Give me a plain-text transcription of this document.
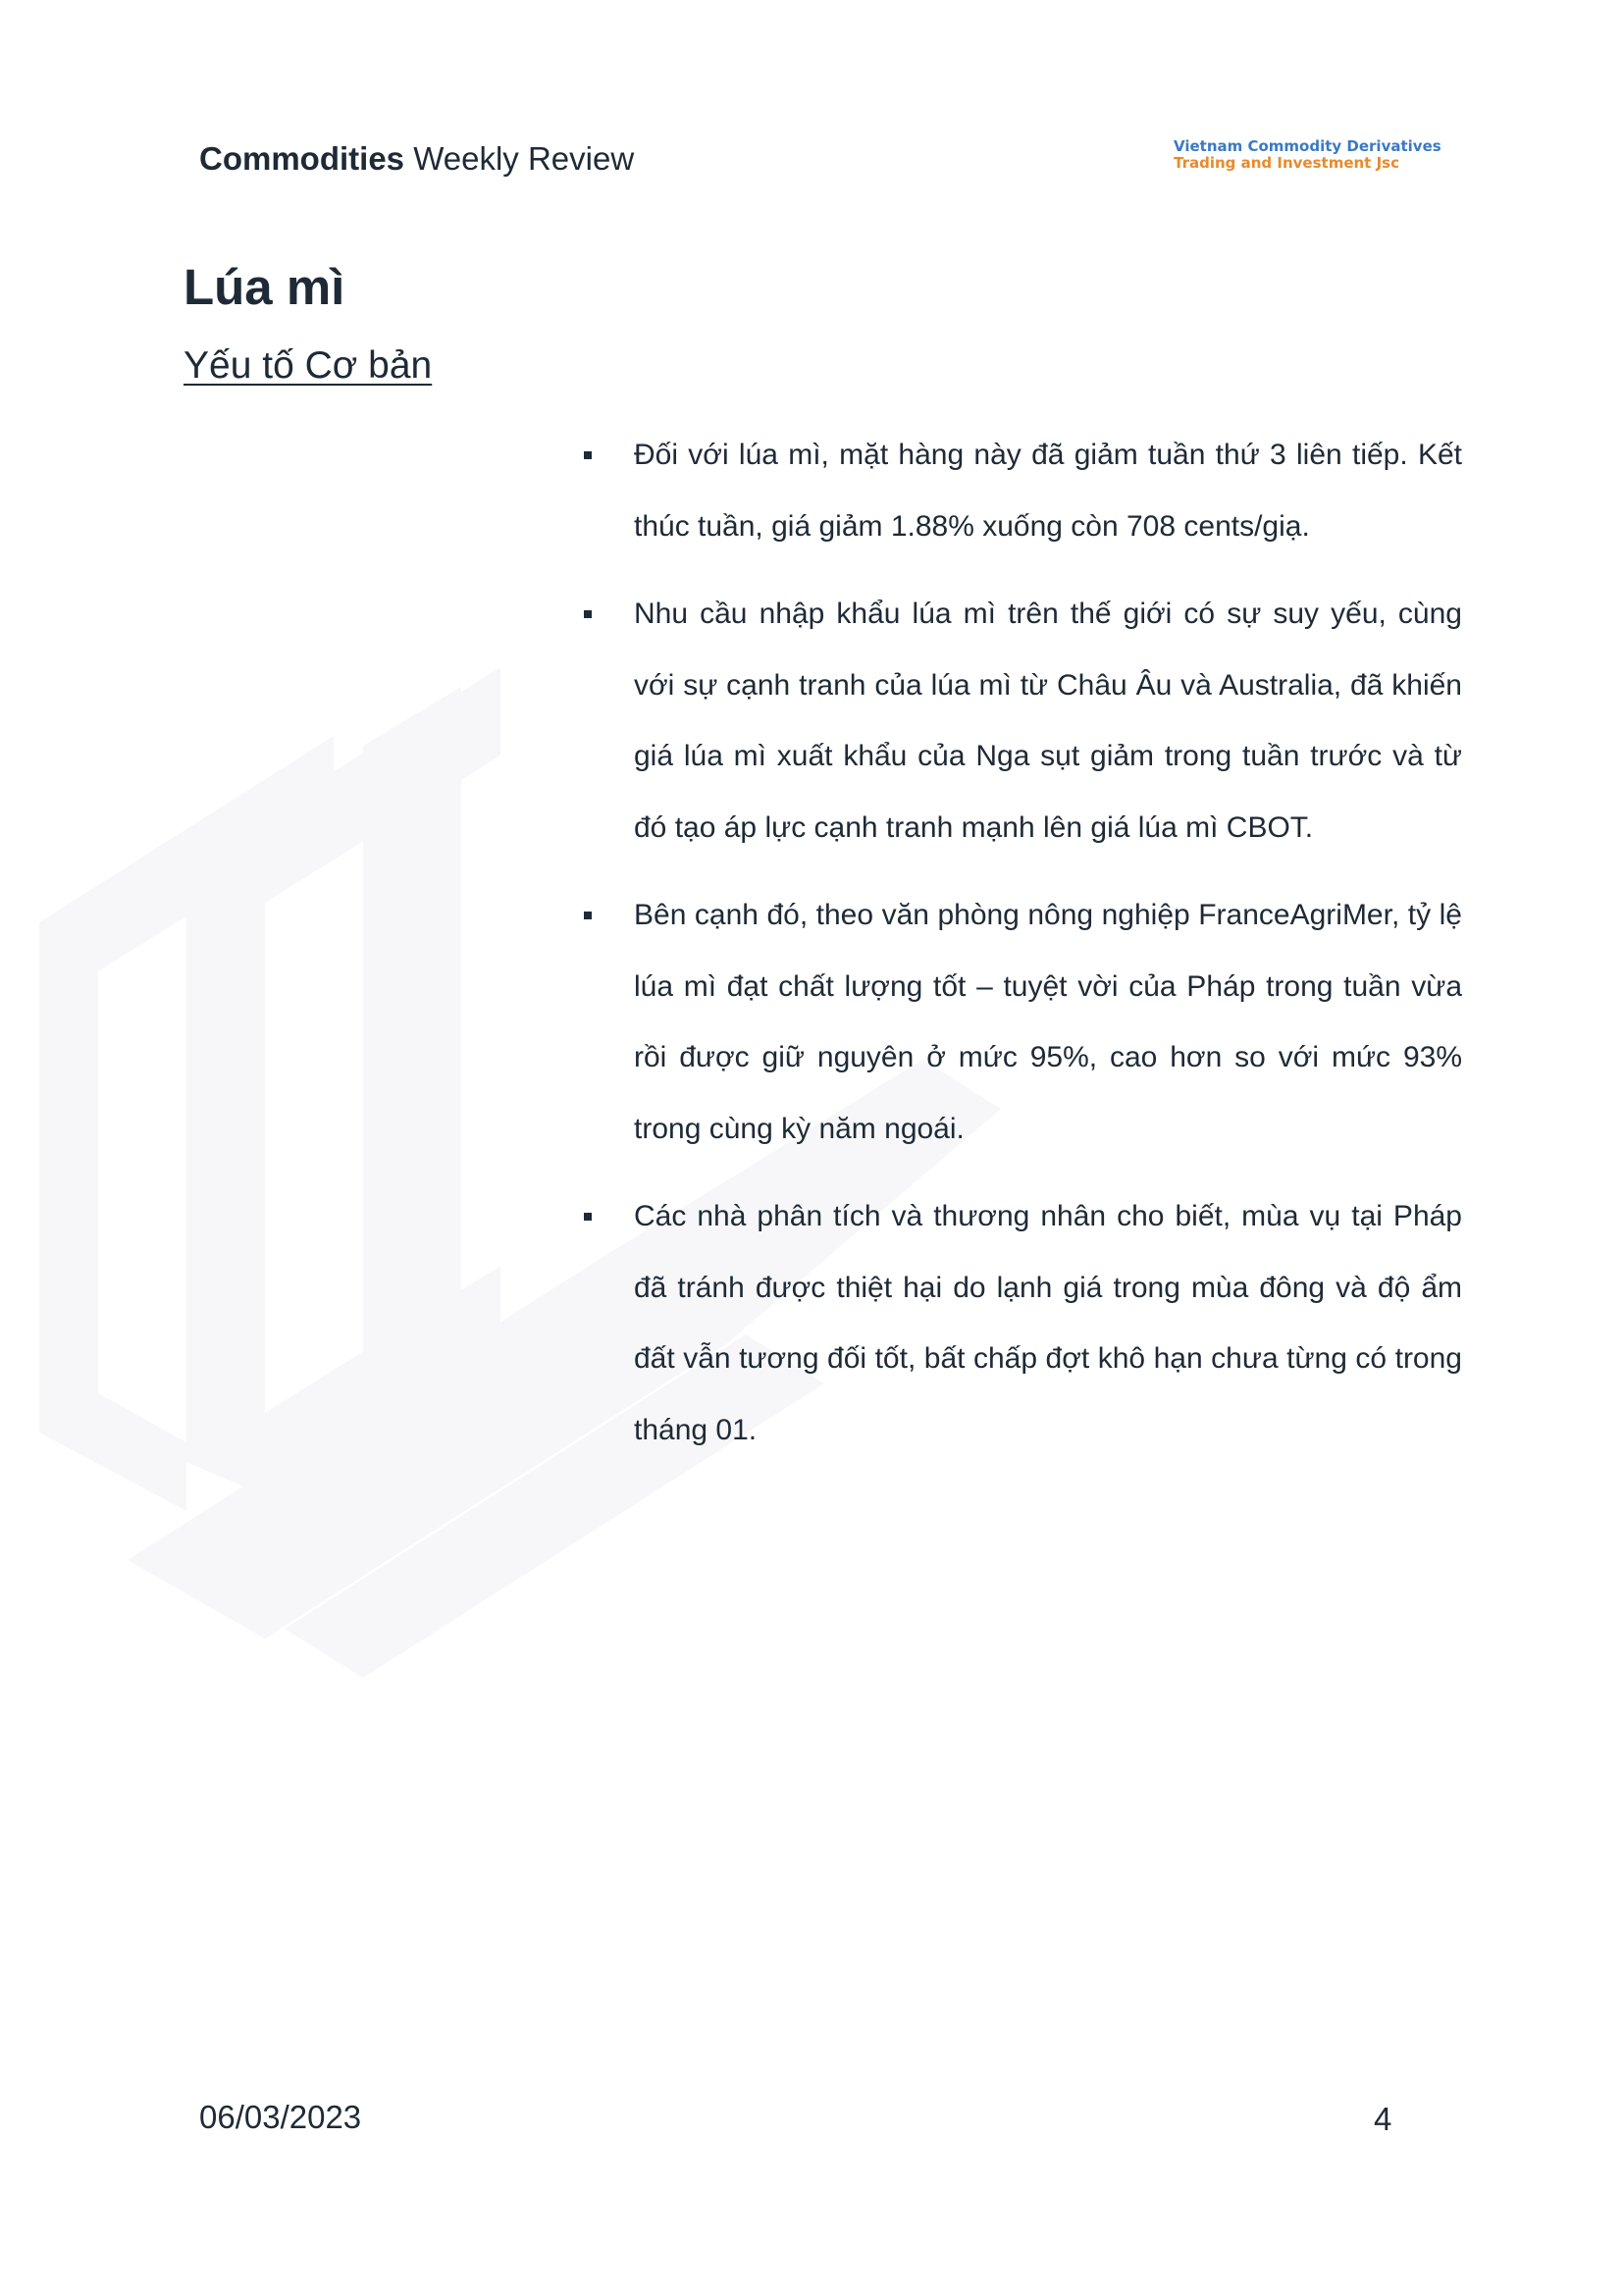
Commodities Weekly Review	Vietnam Commodity Derivatives
Trading and Investment Jsc
Lúa mì
Yếu tố Cơ bản
Đối với lúa mì, mặt hàng này đã giảm tuần thứ 3 liên tiếp. Kết thúc tuần, giá giảm 1.88% xuống còn 708 cents/giạ.
Nhu cầu nhập khẩu lúa mì trên thế giới có sự suy yếu, cùng với sự cạnh tranh của lúa mì từ Châu Âu và Australia, đã khiến giá lúa mì xuất khẩu của Nga sụt giảm trong tuần trước và từ đó tạo áp lực cạnh tranh mạnh lên giá lúa mì CBOT.
Bên cạnh đó, theo văn phòng nông nghiệp FranceAgriMer, tỷ lệ lúa mì đạt chất lượng tốt – tuyệt vời của Pháp trong tuần vừa rồi được giữ nguyên ở mức 95%, cao hơn so với mức 93% trong cùng kỳ năm ngoái.
Các nhà phân tích và thương nhân cho biết, mùa vụ tại Pháp đã tránh được thiệt hại do lạnh giá trong mùa đông và độ ẩm đất vẫn tương đối tốt, bất chấp đợt khô hạn chưa từng có trong tháng 01.
06/03/2023	4
